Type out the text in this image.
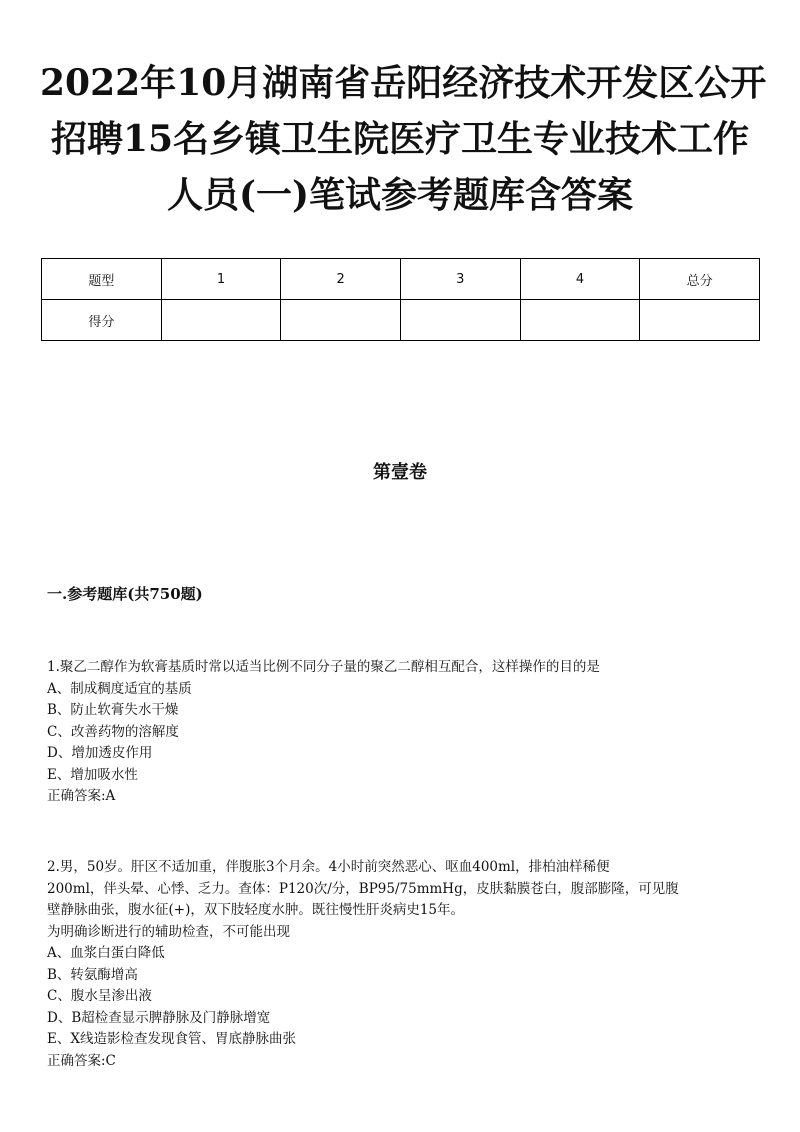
2022年10月湖南省岳阳经济技术开发区公开
招聘15名乡镇卫生院医疗卫生专业技术工作
人员(一)笔试参考题库含答案
题型	1	2	3	4	总分
得分					
第壹卷
一.参考题库(共750题)
1.聚乙二醇作为软膏基质时常以适当比例不同分子量的聚乙二醇相互配合，这样操作的目的是
A、制成稠度适宜的基质
B、防止软膏失水干燥
C、改善药物的溶解度
D、增加透皮作用
E、增加吸水性
正确答案:A
2.男，50岁。肝区不适加重，伴腹胀3个月余。4小时前突然恶心、呕血400ml，排柏油样稀便
200ml，伴头晕、心悸、乏力。查体：P120次/分，BP95/75mmHg，皮肤黏膜苍白，腹部膨隆，可见腹
壁静脉曲张，腹水征(+)，双下肢轻度水肿。既往慢性肝炎病史15年。
为明确诊断进行的辅助检查，不可能出现
A、血浆白蛋白降低
B、转氨酶增高
C、腹水呈渗出液
D、B超检查显示脾静脉及门静脉增宽
E、X线造影检查发现食管、胃底静脉曲张
正确答案:C
